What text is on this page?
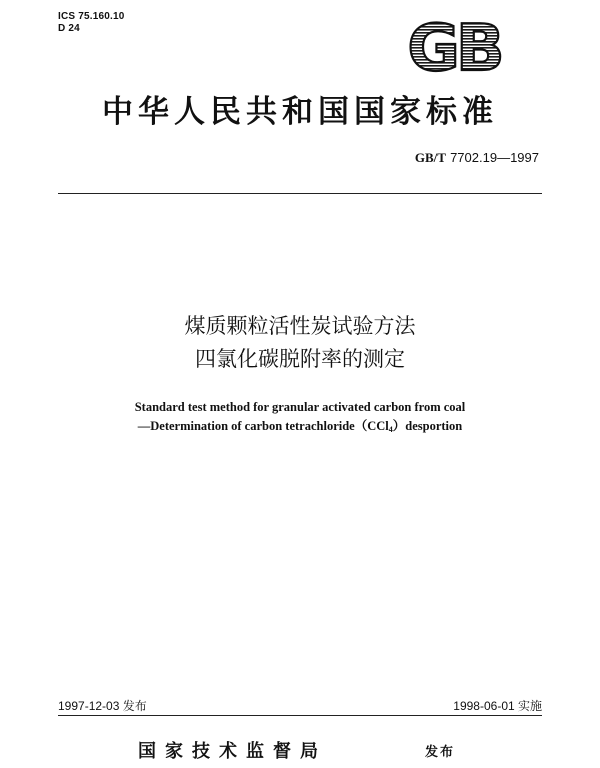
ICS 75.160.10
D 24	GB
中华人民共和国国家标准
GB/T 7702.19—1997
煤质颗粒活性炭试验方法
四氯化碳脱附率的测定
Standard test method for granular activated carbon from coal
—Determination of carbon tetrachloride（CCl$_4$）desportion
1997-12-03 发布	1998-06-01 实施
国家技术监督局	发布
